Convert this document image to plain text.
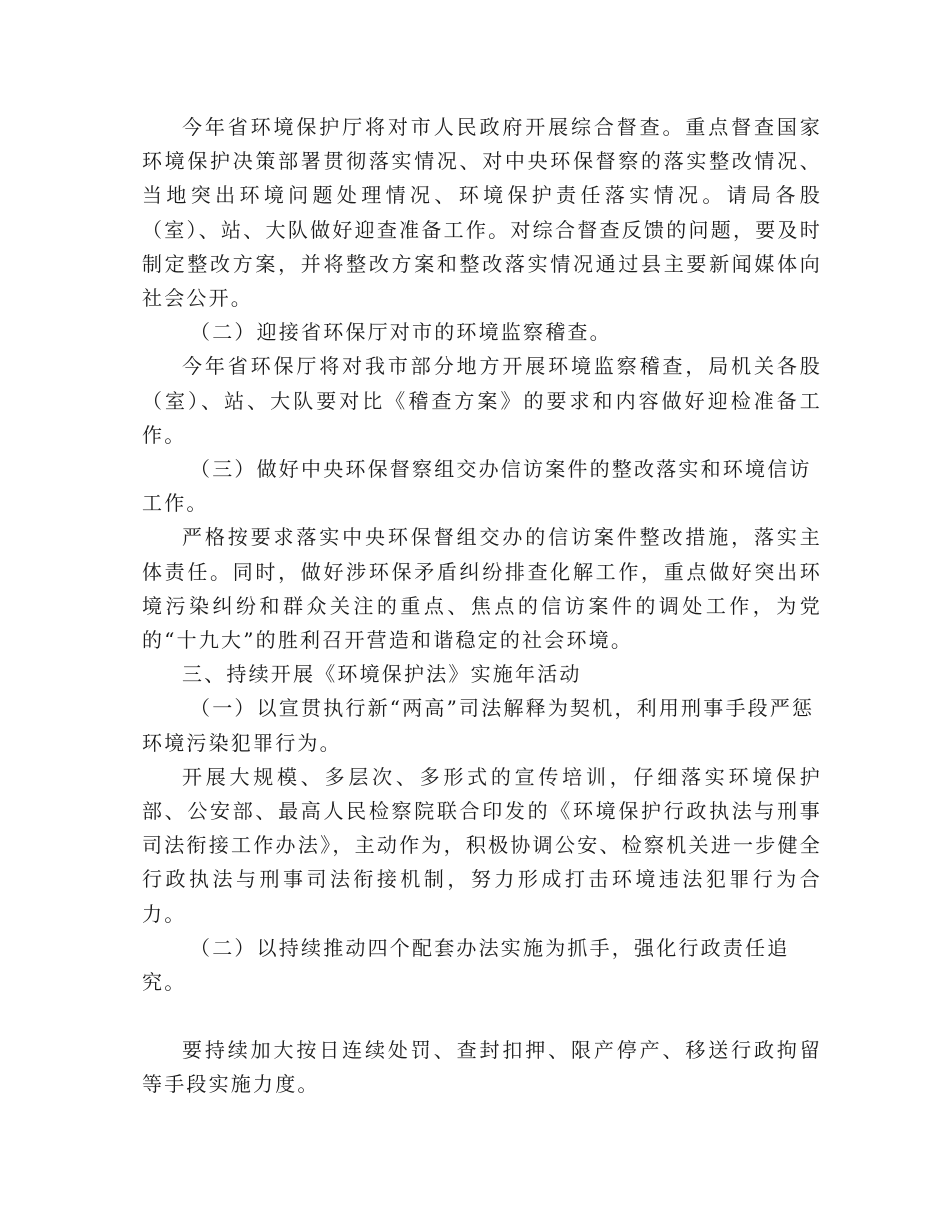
今年省环境保护厅将对市人民政府开展综合督查。重点督查国家环境保护决策部署贯彻落实情况、对中央环保督察的落实整改情况、当地突出环境问题处理情况、环境保护责任落实情况。请局各股（室）、站、大队做好迎查准备工作。对综合督查反馈的问题，要及时制定整改方案，并将整改方案和整改落实情况通过县主要新闻媒体向社会公开。

（二）迎接省环保厅对市的环境监察稽查。

今年省环保厅将对我市部分地方开展环境监察稽查，局机关各股（室）、站、大队要对比《稽查方案》的要求和内容做好迎检准备工作。

（三）做好中央环保督察组交办信访案件的整改落实和环境信访工作。

严格按要求落实中央环保督组交办的信访案件整改措施，落实主体责任。同时，做好涉环保矛盾纠纷排查化解工作，重点做好突出环境污染纠纷和群众关注的重点、焦点的信访案件的调处工作，为党的“十九大”的胜利召开营造和谐稳定的社会环境。

三、持续开展《环境保护法》实施年活动

（一）以宣贯执行新“两高”司法解释为契机，利用刑事手段严惩环境污染犯罪行为。

开展大规模、多层次、多形式的宣传培训，仔细落实环境保护部、公安部、最高人民检察院联合印发的《环境保护行政执法与刑事司法衔接工作办法》，主动作为，积极协调公安、检察机关进一步健全行政执法与刑事司法衔接机制，努力形成打击环境违法犯罪行为合力。

（二）以持续推动四个配套办法实施为抓手，强化行政责任追究。

要持续加大按日连续处罚、查封扣押、限产停产、移送行政拘留等手段实施力度。
